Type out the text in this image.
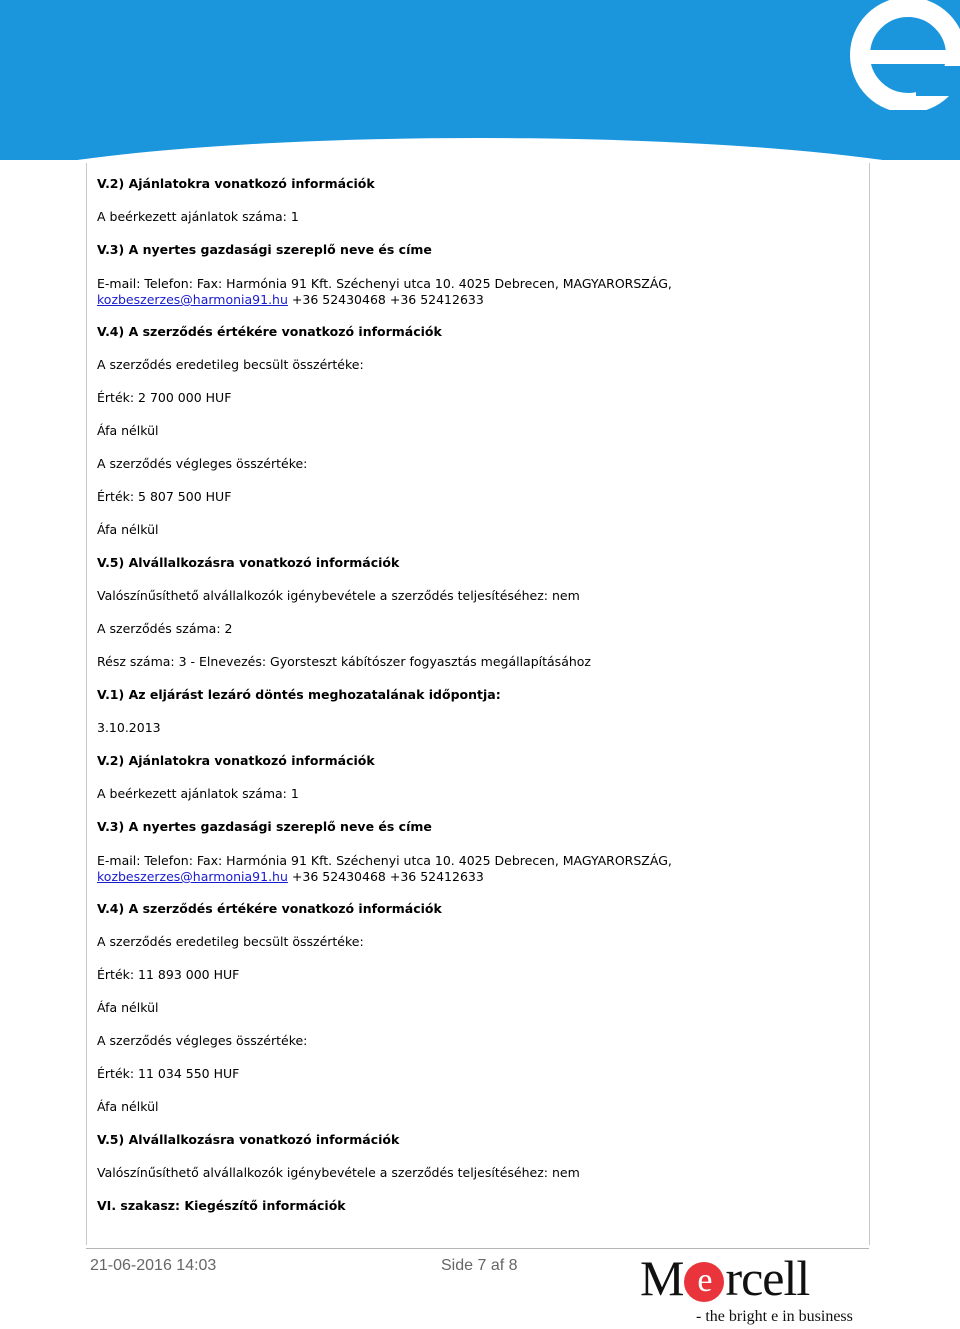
V.2) Ajánlatokra vonatkozó információk
A beérkezett ajánlatok száma: 1
V.3) A nyertes gazdasági szereplő neve és címe
E-mail: Telefon: Fax: Harmónia 91 Kft. Széchenyi utca 10. 4025 Debrecen, MAGYARORSZÁG, kozbeszerzes@harmonia91.hu +36 52430468 +36 52412633
V.4) A szerződés értékére vonatkozó információk
A szerződés eredetileg becsült összértéke:
Érték: 2 700 000 HUF
Áfa nélkül
A szerződés végleges összértéke:
Érték: 5 807 500 HUF
Áfa nélkül
V.5) Alvállalkozásra vonatkozó információk
Valószínűsíthető alvállalkozók igénybevétele a szerződés teljesítéséhez: nem
A szerződés száma: 2
Rész száma: 3 - Elnevezés: Gyorsteszt kábítószer fogyasztás megállapításához
V.1) Az eljárást lezáró döntés meghozatalának időpontja:
3.10.2013
V.2) Ajánlatokra vonatkozó információk
A beérkezett ajánlatok száma: 1
V.3) A nyertes gazdasági szereplő neve és címe
E-mail: Telefon: Fax: Harmónia 91 Kft. Széchenyi utca 10. 4025 Debrecen, MAGYARORSZÁG, kozbeszerzes@harmonia91.hu +36 52430468 +36 52412633
V.4) A szerződés értékére vonatkozó információk
A szerződés eredetileg becsült összértéke:
Érték: 11 893 000 HUF
Áfa nélkül
A szerződés végleges összértéke:
Érték: 11 034 550 HUF
Áfa nélkül
V.5) Alvállalkozásra vonatkozó információk
Valószínűsíthető alvállalkozók igénybevétele a szerződés teljesítéséhez: nem
VI. szakasz: Kiegészítő információk
21-06-2016 14:03	Side 7 af 8 M e rcell
- the bright e in business
